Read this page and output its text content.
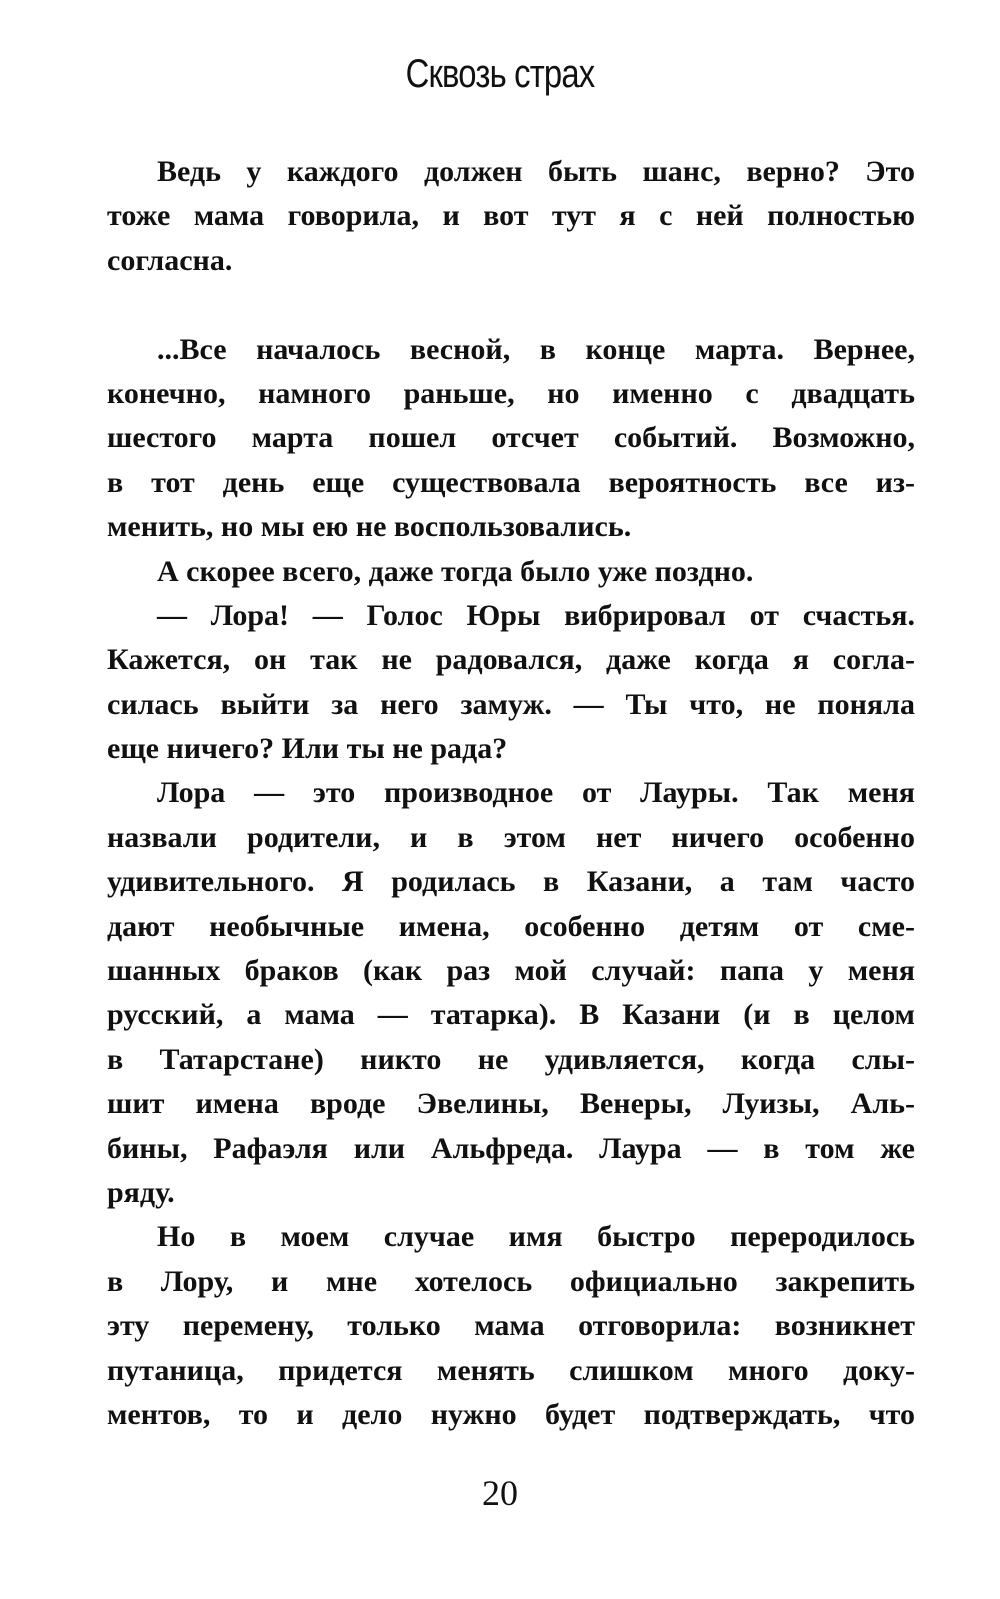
Сквозь страх
Ведь у каждого должен быть шанс, верно? Это
тоже мама говорила, и вот тут я с ней полностью
согласна.
...Все началось весной, в конце марта. Вернее,
конечно, намного раньше, но именно с двадцать
шестого марта пошел отсчет событий. Возможно,
в тот день еще существовала вероятность все из-
менить, но мы ею не воспользовались.
А скорее всего, даже тогда было уже поздно.
— Лора! — Голос Юры вибрировал от счастья.
Кажется, он так не радовался, даже когда я согла-
силась выйти за него замуж. — Ты что, не поняла
еще ничего? Или ты не рада?
Лора — это производное от Лауры. Так меня
назвали родители, и в этом нет ничего особенно
удивительного. Я родилась в Казани, а там часто
дают необычные имена, особенно детям от сме-
шанных браков (как раз мой случай: папа у меня
русский, а мама — татарка). В Казани (и в целом
в Татарстане) никто не удивляется, когда слы-
шит имена вроде Эвелины, Венеры, Луизы, Аль-
бины, Рафаэля или Альфреда. Лаура — в том же
ряду.
Но в моем случае имя быстро переродилось
в Лору, и мне хотелось официально закрепить
эту перемену, только мама отговорила: возникнет
путаница, придется менять слишком много доку-
ментов, то и дело нужно будет подтверждать, что
20
